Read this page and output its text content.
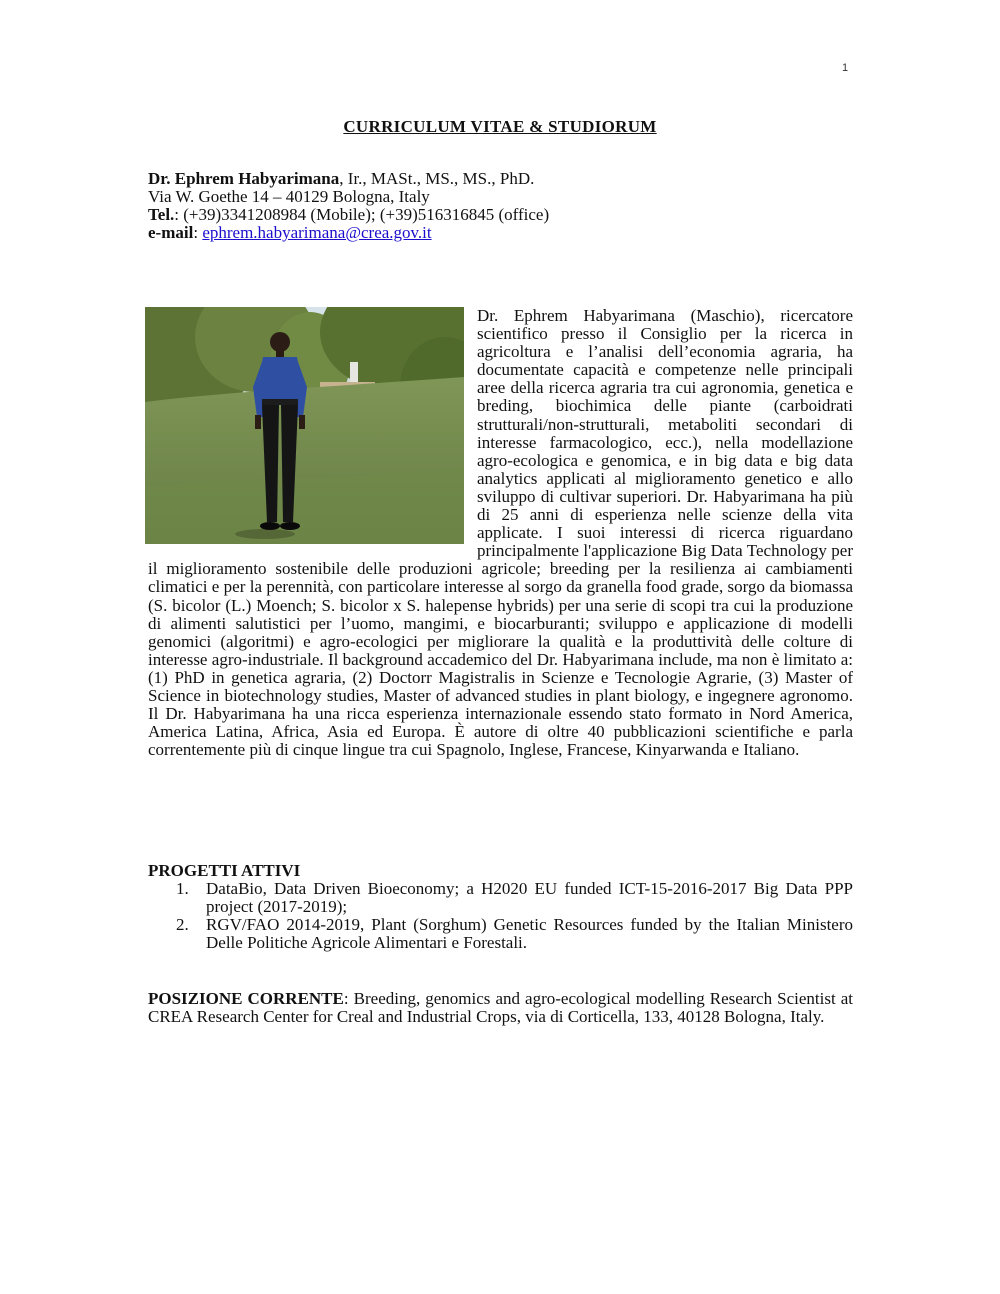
1
CURRICULUM VITAE & STUDIORUM
Dr. Ephrem Habyarimana, Ir., MASt., MS., MS., PhD.
Via W. Goethe 14 – 40129 Bologna, Italy
Tel.: (+39)3341208984 (Mobile); (+39)516316845 (office)
e-mail: ephrem.habyarimana@crea.gov.it
Dr. Ephrem Habyarimana (Maschio), ricercatore scientifico presso il Consiglio per la ricerca in agricoltura e l’analisi dell’economia agraria, ha documentate capacità e competenze nelle principali aree della ricerca agraria tra cui agronomia, genetica e breding, biochimica delle piante (carboidrati strutturali/non-strutturali, metaboliti secondari di interesse farmacologico, ecc.), nella modellazione agro-ecologica e genomica, e in big data e big data analytics applicati al miglioramento genetico e allo sviluppo di cultivar superiori. Dr. Habyarimana ha più di 25 anni di esperienza nelle scienze della vita applicate. I suoi interessi di ricerca riguardano principalmente l'applicazione Big Data Technology per il miglioramento sostenibile delle produzioni agricole; breeding per la resilienza ai cambiamenti climatici e per la perennità, con particolare interesse al sorgo da granella food grade, sorgo da biomassa (S. bicolor (L.) Moench; S. bicolor x S. halepense hybrids) per una serie di scopi tra cui la produzione di alimenti salutistici per l’uomo, mangimi, e biocarburanti; sviluppo e applicazione di modelli genomici (algoritmi) e agro-ecologici per migliorare la qualità e la produttività delle colture di interesse agro-industriale. Il background accademico del Dr. Habyarimana include, ma non è limitato a: (1) PhD in genetica agraria, (2) Doctorr Magistralis in Scienze e Tecnologie Agrarie, (3) Master of Science in biotechnology studies, Master of advanced studies in plant biology, e ingegnere agronomo. Il Dr. Habyarimana ha una ricca esperienza internazionale essendo stato formato in Nord America, America Latina, Africa, Asia ed Europa. È autore di oltre 40 pubblicazioni scientifiche e parla correntemente più di cinque lingue tra cui Spagnolo, Inglese, Francese, Kinyarwanda e Italiano.
PROGETTI ATTIVI
1. DataBio, Data Driven Bioeconomy; a H2020 EU funded ICT-15-2016-2017 Big Data PPP project (2017-2019);
2. RGV/FAO 2014-2019, Plant (Sorghum) Genetic Resources funded by the Italian Ministero Delle Politiche Agricole Alimentari e Forestali.
POSIZIONE CORRENTE: Breeding, genomics and agro-ecological modelling Research Scientist at CREA Research Center for Creal and Industrial Crops, via di Corticella, 133, 40128 Bologna, Italy.
